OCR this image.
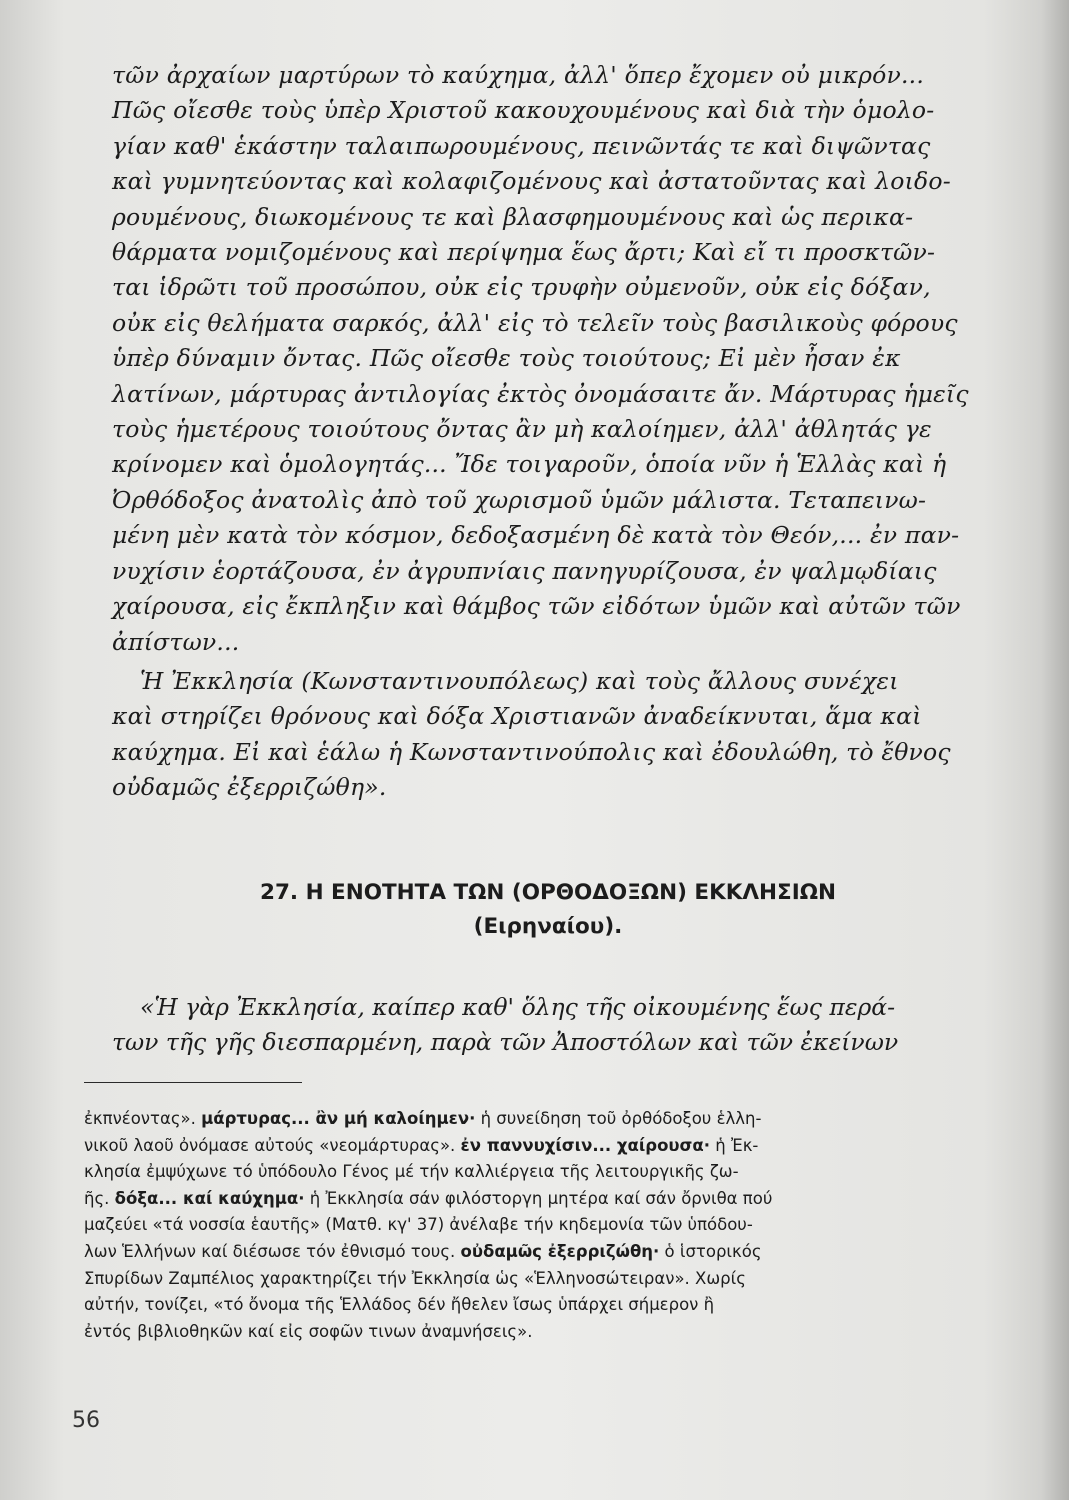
τῶν ἀρχαίων μαρτύρων τὸ καύχημα, ἀλλ' ὅπερ ἔχομεν οὐ μικρόν...
Πῶς οἴεσθε τοὺς ὑπὲρ Χριστοῦ κακουχουμένους καὶ διὰ τὴν ὁμολο-
γίαν καθ' ἑκάστην ταλαιπωρουμένους, πεινῶντάς τε καὶ διψῶντας
καὶ γυμνητεύοντας καὶ κολαφιζομένους καὶ ἀστατοῦντας καὶ λοιδο-
ρουμένους, διωκομένους τε καὶ βλασφημουμένους καὶ ὡς περικα-
θάρματα νομιζομένους καὶ περίψημα ἕως ἄρτι; Καὶ εἴ τι προσκτῶν-
ται ἱδρῶτι τοῦ προσώπου, οὐκ εἰς τρυφὴν οὐμενοῦν, οὐκ εἰς δόξαν,
οὐκ εἰς θελήματα σαρκός, ἀλλ' εἰς τὸ τελεῖν τοὺς βασιλικοὺς φόρους
ὑπὲρ δύναμιν ὄντας. Πῶς οἴεσθε τοὺς τοιούτους; Εἰ μὲν ἦσαν ἐκ
λατίνων, μάρτυρας ἀντιλογίας ἐκτὸς ὀνομάσαιτε ἄν. Μάρτυρας ἡμεῖς
τοὺς ἡμετέρους τοιούτους ὄντας ἂν μὴ καλοίημεν, ἀλλ' ἀθλητάς γε
κρίνομεν καὶ ὁμολογητάς... Ἴδε τοιγαροῦν, ὁποία νῦν ἡ Ἑλλὰς καὶ ἡ
Ὀρθόδοξος ἀνατολὶς ἀπὸ τοῦ χωρισμοῦ ὑμῶν μάλιστα. Τεταπεινω-
μένη μὲν κατὰ τὸν κόσμον, δεδοξασμένη δὲ κατὰ τὸν Θεόν,... ἐν παν-
νυχίσιν ἑορτάζουσα, ἐν ἀγρυπνίαις πανηγυρίζουσα, ἐν ψαλμῳδίαις
χαίρουσα, εἰς ἔκπληξιν καὶ θάμβος τῶν εἰδότων ὑμῶν καὶ αὐτῶν τῶν
ἀπίστων...
Ἡ Ἐκκλησία (Κωνσταντινουπόλεως) καὶ τοὺς ἄλλους συνέχει
καὶ στηρίζει θρόνους καὶ δόξα Χριστιανῶν ἀναδείκνυται, ἅμα καὶ
καύχημα. Εἰ καὶ ἑάλω ἡ Κωνσταντινούπολις καὶ ἐδουλώθη, τὸ ἔθνος
οὐδαμῶς ἐξερριζώθη».
27. Η ΕΝΟΤΗΤΑ ΤΩΝ (ΟΡΘΟΔΟΞΩΝ) ΕΚΚΛΗΣΙΩΝ
(Ειρηναίου).
«Ἡ γὰρ Ἐκκλησία, καίπερ καθ' ὅλης τῆς οἰκουμένης ἕως περά-
των τῆς γῆς διεσπαρμένη, παρὰ τῶν Ἀποστόλων καὶ τῶν ἐκείνων
ἐκπνέοντας». μάρτυρας... ἂν μή καλοίημεν· ἡ συνείδηση τοῦ ὀρθόδοξου ἑλλη-
νικοῦ λαοῦ ὀνόμασε αὐτούς «νεομάρτυρας». ἐν παννυχίσιν... χαίρουσα· ἡ Ἐκ-
κλησία ἐμψύχωνε τό ὑπόδουλο Γένος μέ τήν καλλιέργεια τῆς λειτουργικῆς ζω-
ῆς. δόξα... καί καύχημα· ἡ Ἐκκλησία σάν φιλόστοργη μητέρα καί σάν ὄρνιθα πού
μαζεύει «τά νοσσία ἑαυτῆς» (Ματθ. κγ' 37) ἀνέλαβε τήν κηδεμονία τῶν ὑπόδου-
λων Ἑλλήνων καί διέσωσε τόν ἐθνισμό τους. οὐδαμῶς ἐξερριζώθη· ὁ ἱστορικός
Σπυρίδων Ζαμπέλιος χαρακτηρίζει τήν Ἐκκλησία ὡς «Ἑλληνοσώτειραν». Χωρίς
αὐτήν, τονίζει, «τό ὄνομα τῆς Ἑλλάδος δέν ἤθελεν ἴσως ὑπάρχει σήμερον ἢ
ἐντός βιβλιοθηκῶν καί εἰς σοφῶν τινων ἀναμνήσεις».
56
